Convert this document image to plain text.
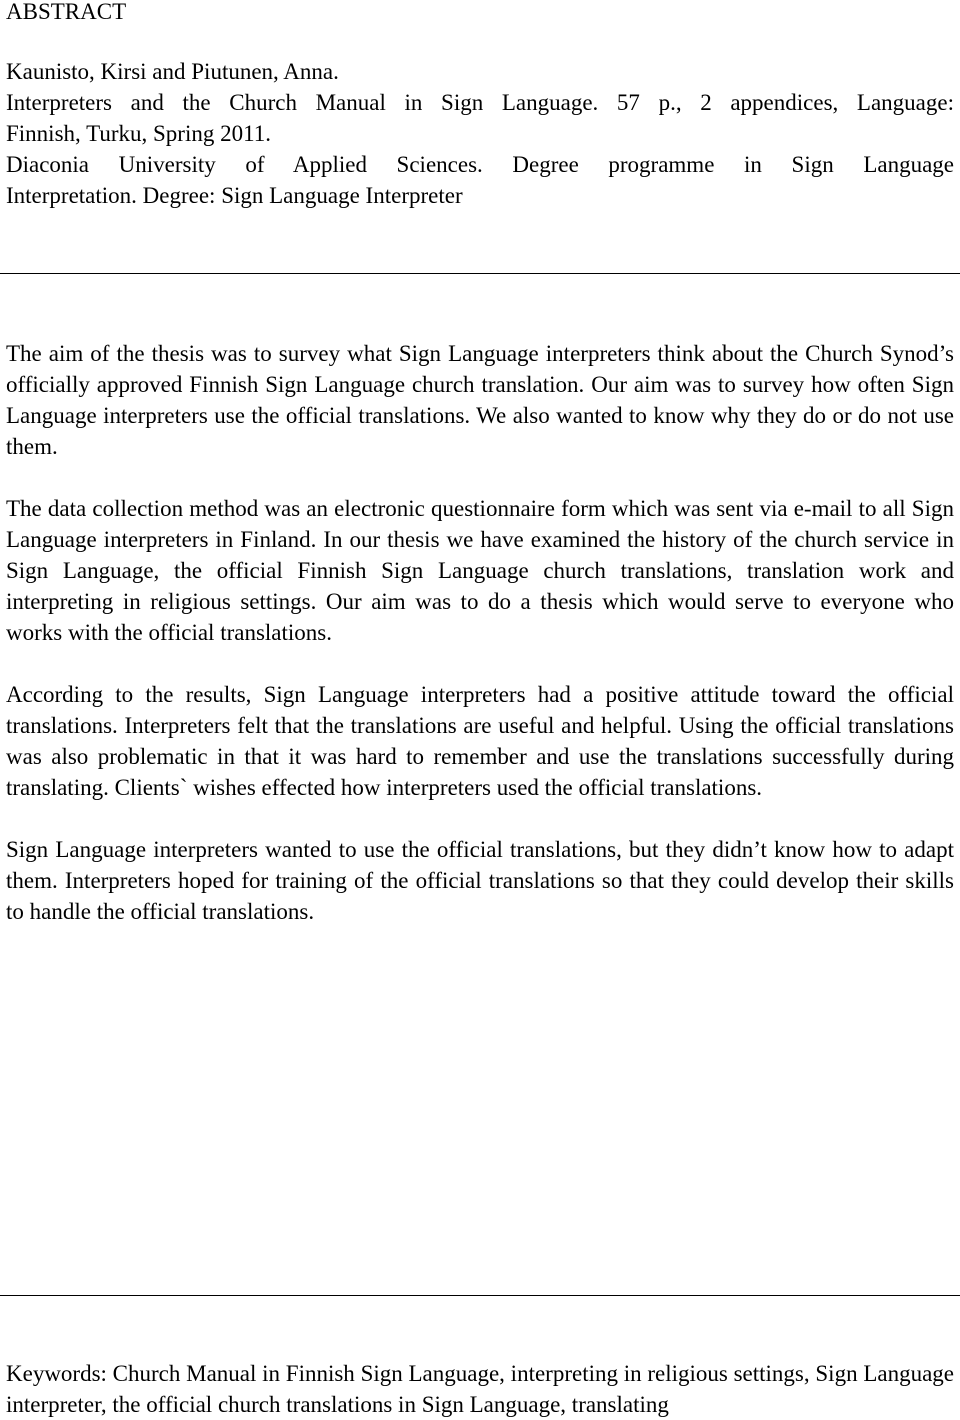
ABSTRACT
Kaunisto, Kirsi and Piutunen, Anna.
Interpreters and the Church Manual in Sign Language. 57 p., 2 appendices, Language:
Finnish, Turku, Spring 2011.
Diaconia University of Applied Sciences. Degree programme in Sign Language
Interpretation. Degree: Sign Language Interpreter

The aim of the thesis was to survey what Sign Language interpreters think about the Church Synod’s officially approved Finnish Sign Language church translation. Our aim was to survey how often Sign Language interpreters use the official translations. We also wanted to know why they do or do not use them.

The data collection method was an electronic questionnaire form which was sent via e-mail to all Sign Language interpreters in Finland. In our thesis we have examined the history of the church service in Sign Language, the official Finnish Sign Language church translations, translation work and interpreting in religious settings. Our aim was to do a thesis which would serve to everyone who works with the official translations.

According to the results, Sign Language interpreters had a positive attitude toward the official translations. Interpreters felt that the translations are useful and helpful. Using the official translations was also problematic in that it was hard to remember and use the translations successfully during translating. Clients` wishes effected how interpreters used the official translations.

Sign Language interpreters wanted to use the official translations, but they didn’t know how to adapt them. Interpreters hoped for training of the official translations so that they could develop their skills to handle the official translations.

Keywords: Church Manual in Finnish Sign Language, interpreting in religious settings, Sign Language interpreter, the official church translations in Sign Language, translating
